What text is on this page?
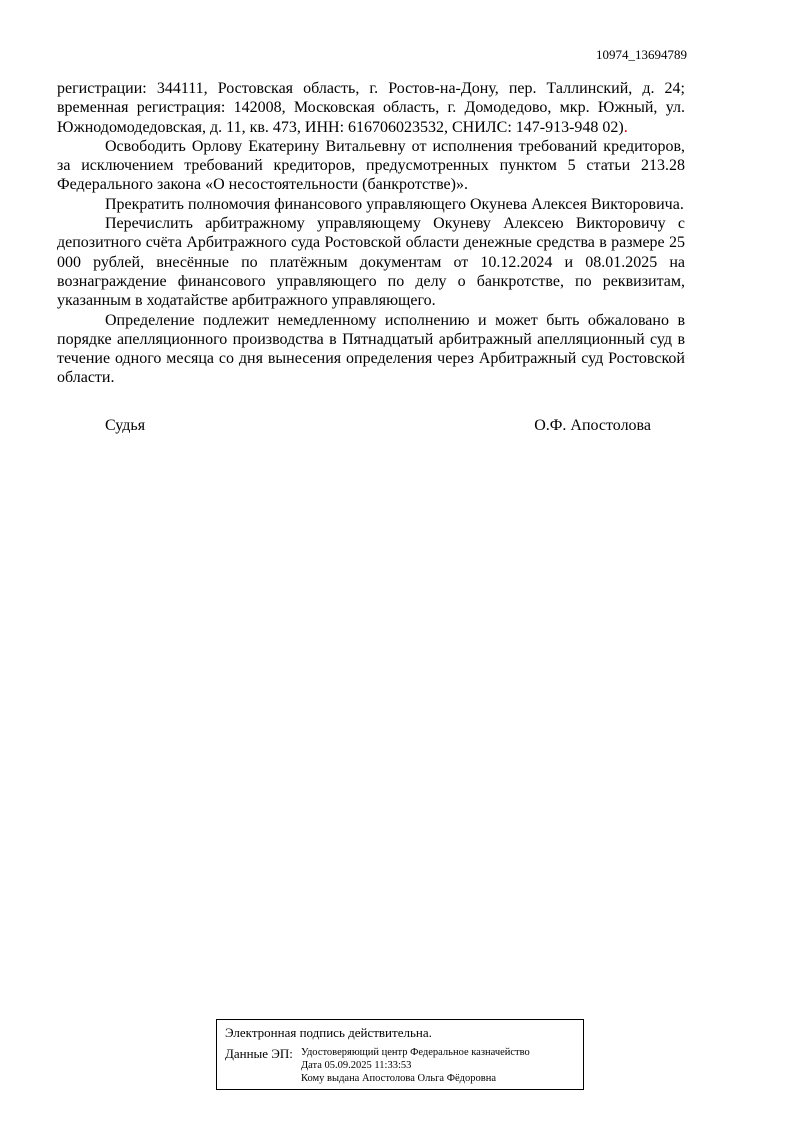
10974_13694789

регистрации: 344111, Ростовская область, г. Ростов-на-Дону, пер. Таллинский, д. 24; временная регистрация: 142008, Московская область, г. Домодедово, мкр. Южный, ул. Южнодомодедовская, д. 11, кв. 473, ИНН: 616706023532, СНИЛС: 147-913-948 02).

Освободить Орлову Екатерину Витальевну от исполнения требований кредиторов, за исключением требований кредиторов, предусмотренных пунктом 5 статьи 213.28 Федерального закона «О несостоятельности (банкротстве)».

Прекратить полномочия финансового управляющего Окунева Алексея Викторовича.

Перечислить арбитражному управляющему Окуневу Алексею Викторовичу с депозитного счёта Арбитражного суда Ростовской области денежные средства в размере 25 000 рублей, внесённые по платёжным документам от 10.12.2024 и 08.01.2025 на вознаграждение финансового управляющего по делу о банкротстве, по реквизитам, указанным в ходатайстве арбитражного управляющего.

Определение подлежит немедленному исполнению и может быть обжаловано в порядке апелляционного производства в Пятнадцатый арбитражный апелляционный суд в течение одного месяца со дня вынесения определения через Арбитражный суд Ростовской области.

Судья	О.Ф. Апостолова
Электронная подпись действительна.
Данные ЭП: Удостоверяющий центр Федеральное казначейство
Дата 05.09.2025 11:33:53
Кому выдана Апостолова Ольга Фёдоровна
